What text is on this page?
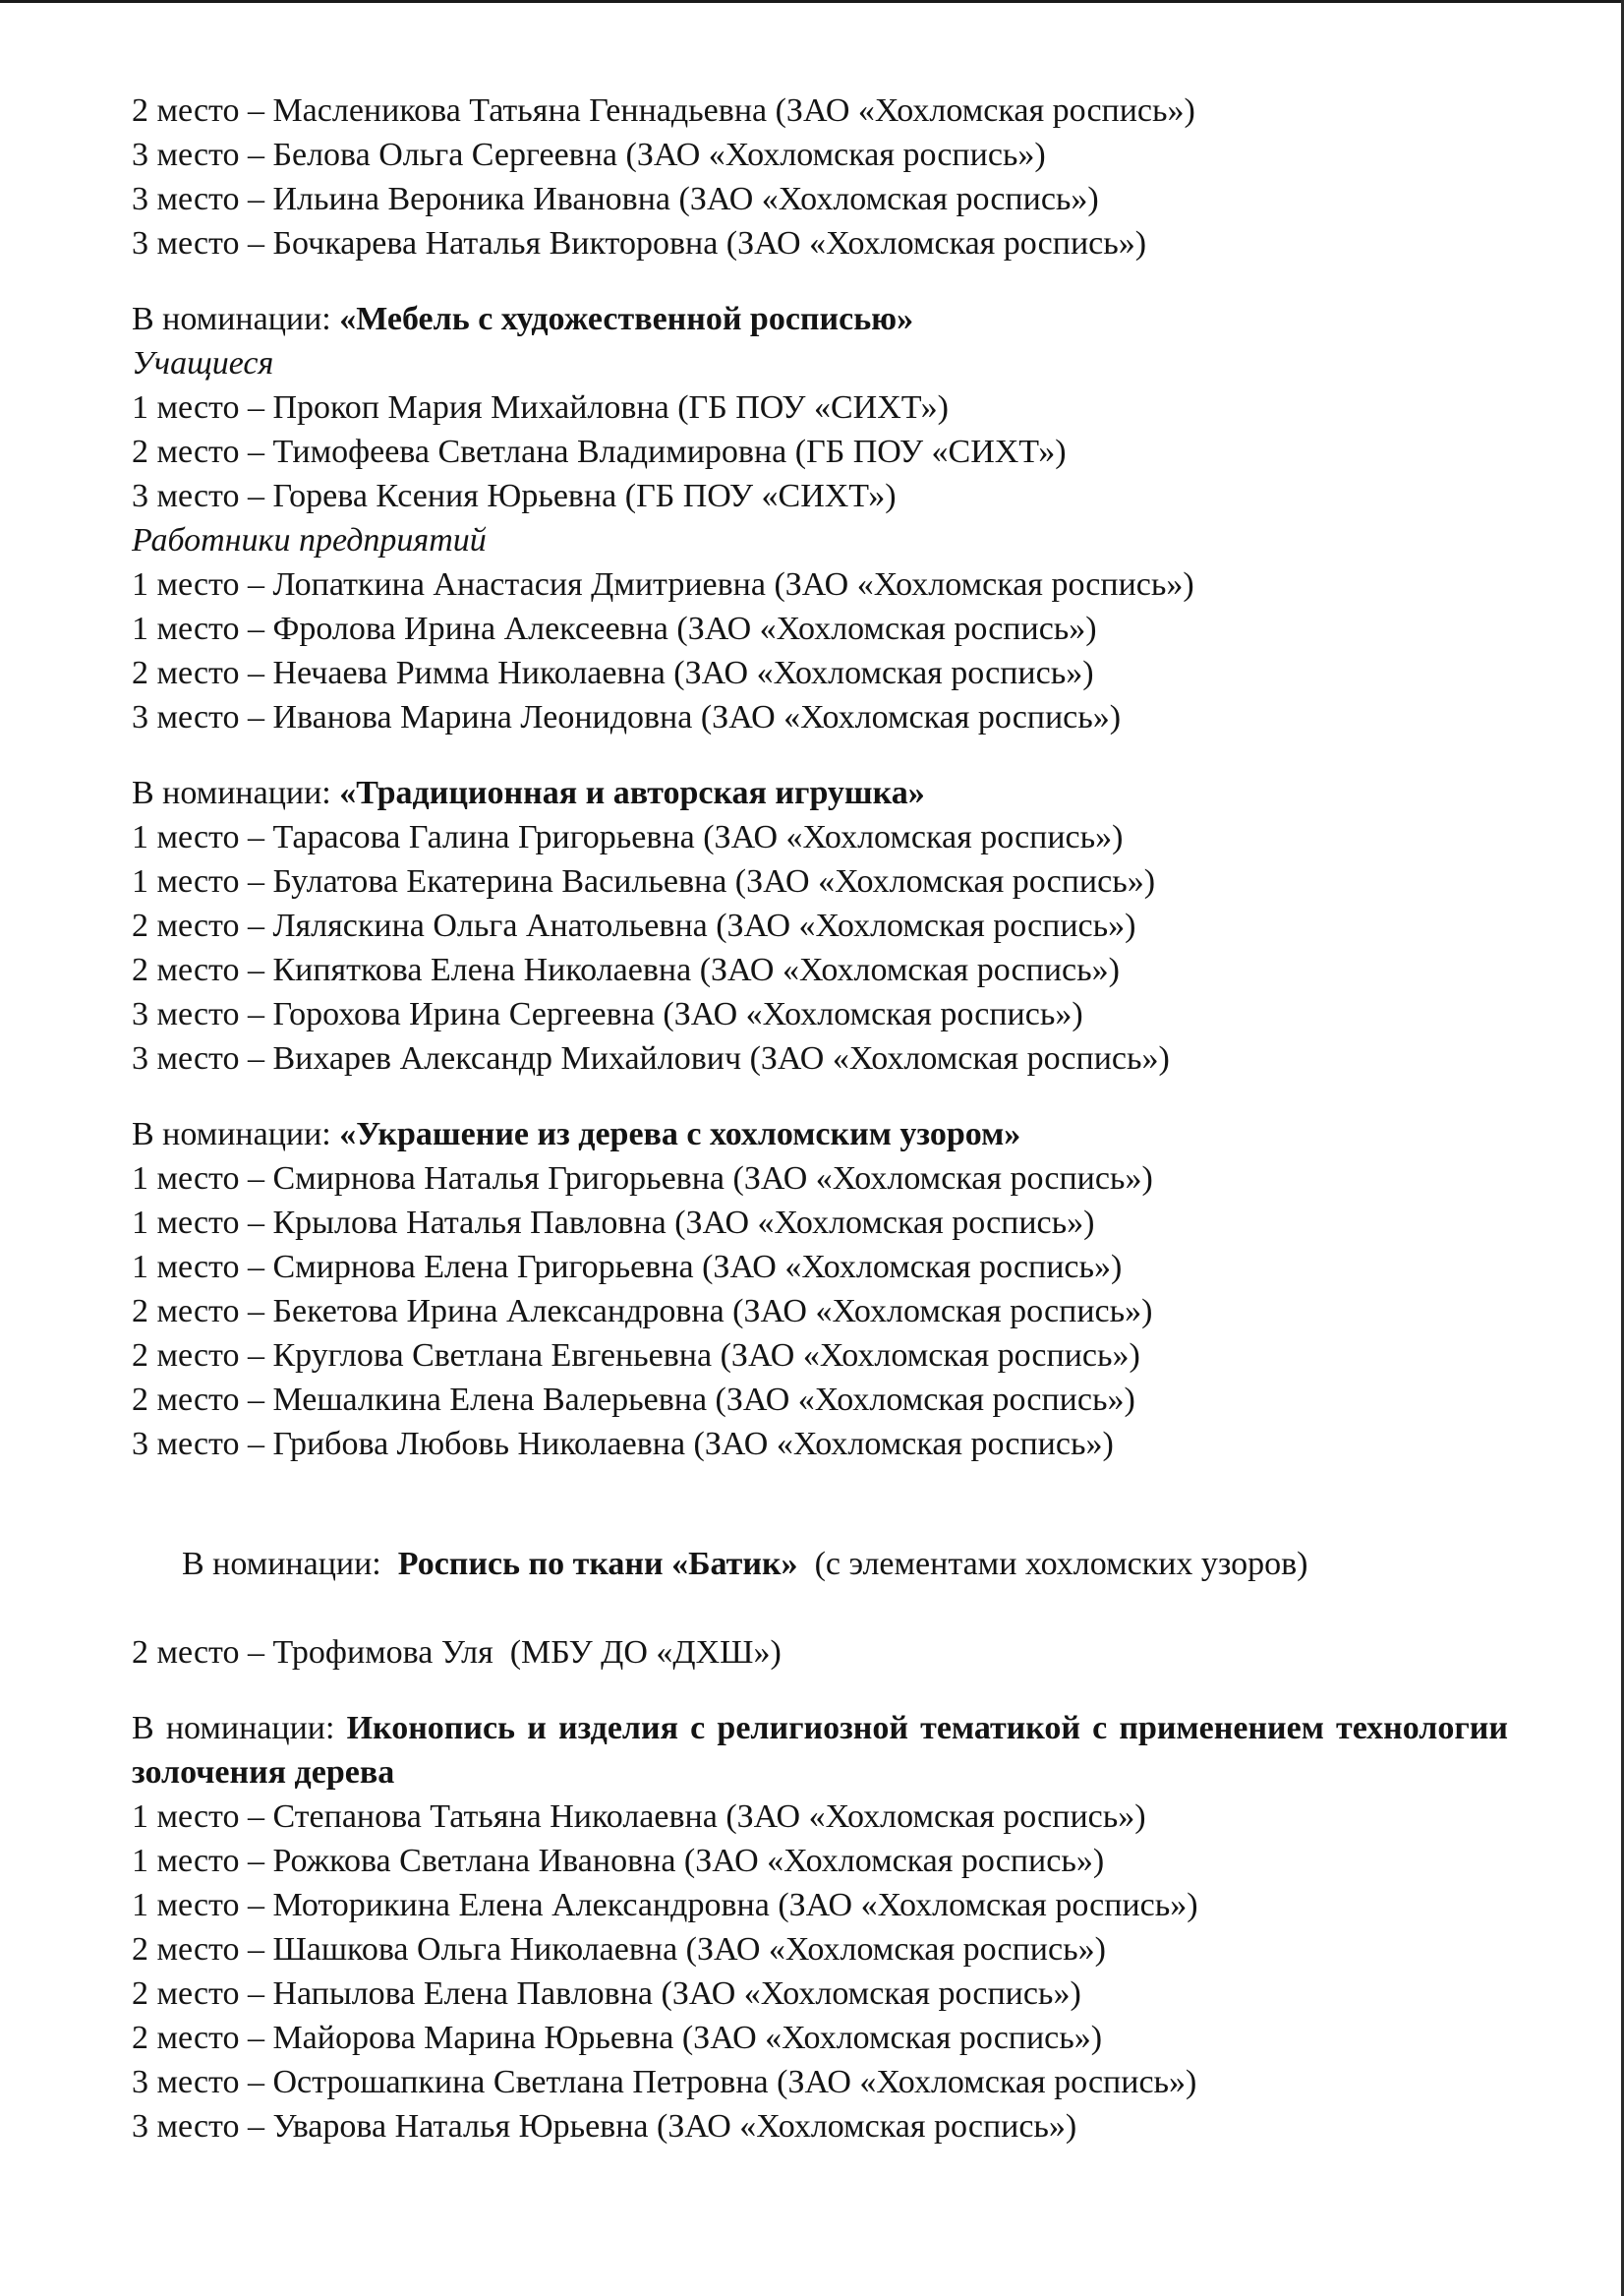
2 место – Масленикова Татьяна Геннадьевна (ЗАО «Хохломская роспись»)

3 место – Белова Ольга Сергеевна (ЗАО «Хохломская роспись»)

3 место – Ильина Вероника Ивановна (ЗАО «Хохломская роспись»)

3 место – Бочкарева Наталья Викторовна (ЗАО «Хохломская роспись»)

В номинации: «Мебель с художественной росписью»

Учащиеся

1 место – Прокоп Мария Михайловна (ГБ ПОУ «СИХТ»)

2 место – Тимофеева Светлана Владимировна (ГБ ПОУ «СИХТ»)

3 место – Горева Ксения Юрьевна (ГБ ПОУ «СИХТ»)

Работники предприятий

1 место – Лопаткина Анастасия Дмитриевна (ЗАО «Хохломская роспись»)

1 место – Фролова Ирина Алексеевна (ЗАО «Хохломская роспись»)

2 место – Нечаева Римма Николаевна (ЗАО «Хохломская роспись»)

3 место – Иванова Марина Леонидовна (ЗАО «Хохломская роспись»)

В номинации: «Традиционная и авторская игрушка»

1 место – Тарасова Галина Григорьевна (ЗАО «Хохломская роспись»)

1 место – Булатова Екатерина Васильевна (ЗАО «Хохломская роспись»)

2 место – Ляляскина Ольга Анатольевна (ЗАО «Хохломская роспись»)

2 место – Кипяткова Елена Николаевна (ЗАО «Хохломская роспись»)

3 место – Горохова Ирина Сергеевна (ЗАО «Хохломская роспись»)

3 место – Вихарев Александр Михайлович (ЗАО «Хохломская роспись»)

В номинации: «Украшение из дерева с хохломским узором»

1 место – Смирнова Наталья Григорьевна (ЗАО «Хохломская роспись»)

1 место – Крылова Наталья Павловна (ЗАО «Хохломская роспись»)

1 место – Смирнова Елена Григорьевна (ЗАО «Хохломская роспись»)

2 место – Бекетова Ирина Александровна (ЗАО «Хохломская роспись»)

2 место – Круглова Светлана Евгеньевна (ЗАО «Хохломская роспись»)

2 место – Мешалкина Елена Валерьевна (ЗАО «Хохломская роспись»)

3 место – Грибова Любовь Николаевна (ЗАО «Хохломская роспись»)

В номинации:  Роспись по ткани «Батик»  (с элементами хохломских узоров)

2 место – Трофимова Уля  (МБУ ДО «ДХШ»)

В номинации: Иконопись и изделия с религиозной тематикой с применением технологии золочения дерева

1 место – Степанова Татьяна Николаевна (ЗАО «Хохломская роспись»)

1 место – Рожкова Светлана Ивановна (ЗАО «Хохломская роспись»)

1 место – Моторикина Елена Александровна (ЗАО «Хохломская роспись»)

2 место – Шашкова Ольга Николаевна (ЗАО «Хохломская роспись»)

2 место – Напылова Елена Павловна (ЗАО «Хохломская роспись»)

2 место – Майорова Марина Юрьевна (ЗАО «Хохломская роспись»)

3 место – Острошапкина Светлана Петровна (ЗАО «Хохломская роспись»)

3 место – Уварова Наталья Юрьевна (ЗАО «Хохломская роспись»)
